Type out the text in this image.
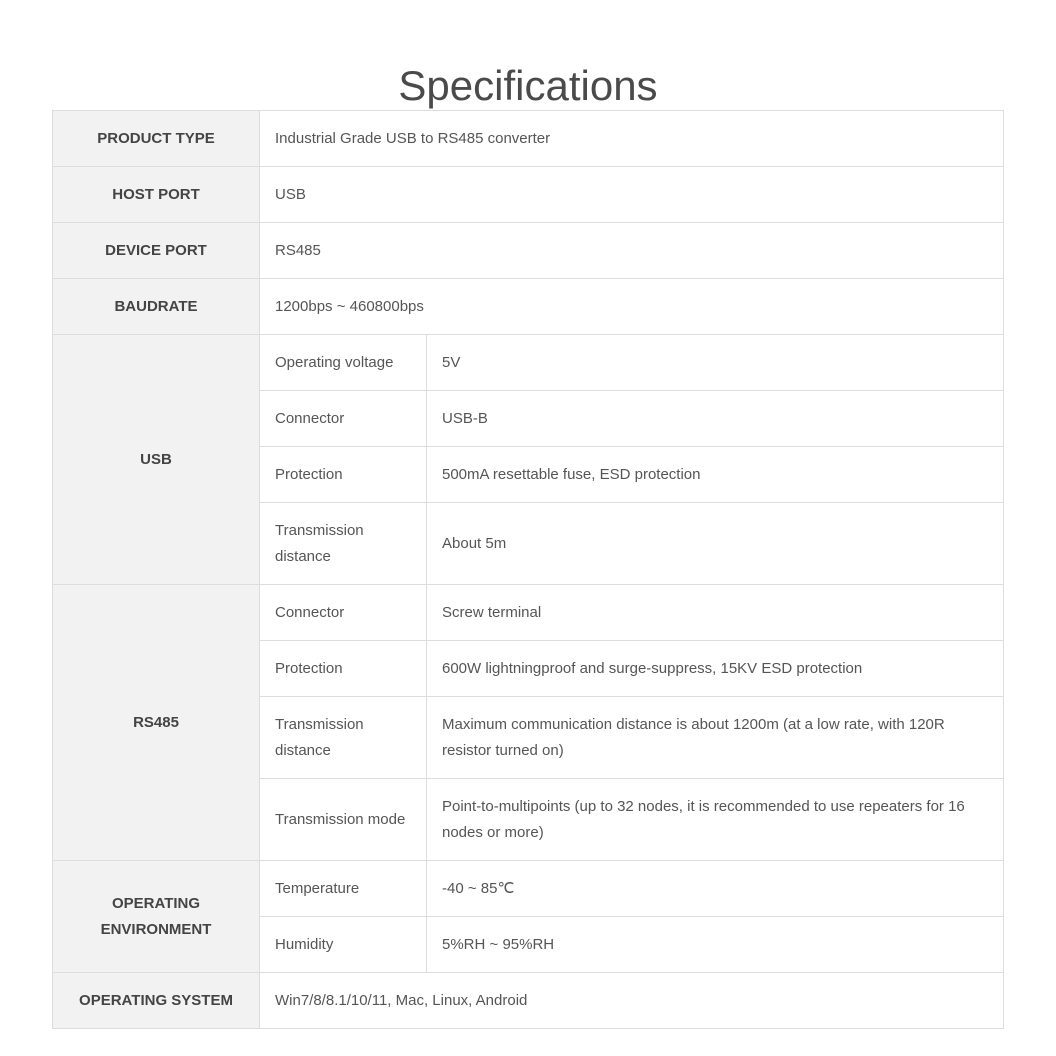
Specifications
PRODUCT TYPE	Industrial Grade USB to RS485 converter	
HOST PORT	USB	
DEVICE PORT	RS485	
BAUDRATE	1200bps ~ 460800bps	
USB	Operating voltage	5V
	Connector	USB-B
	Protection	500mA resettable fuse, ESD protection
	Transmission distance	About 5m
RS485	Connector	Screw terminal
	Protection	600W lightningproof and surge-suppress, 15KV ESD protection
	Transmission distance	Maximum communication distance is about 1200m (at a low rate, with 120R resistor turned on)
	Transmission mode	Point-to-multipoints (up to 32 nodes, it is recommended to use repeaters for 16 nodes or more)
OPERATING ENVIRONMENT	Temperature	-40 ~ 85℃
	Humidity	5%RH ~ 95%RH
OPERATING SYSTEM	Win7/8/8.1/10/11, Mac, Linux, Android	
